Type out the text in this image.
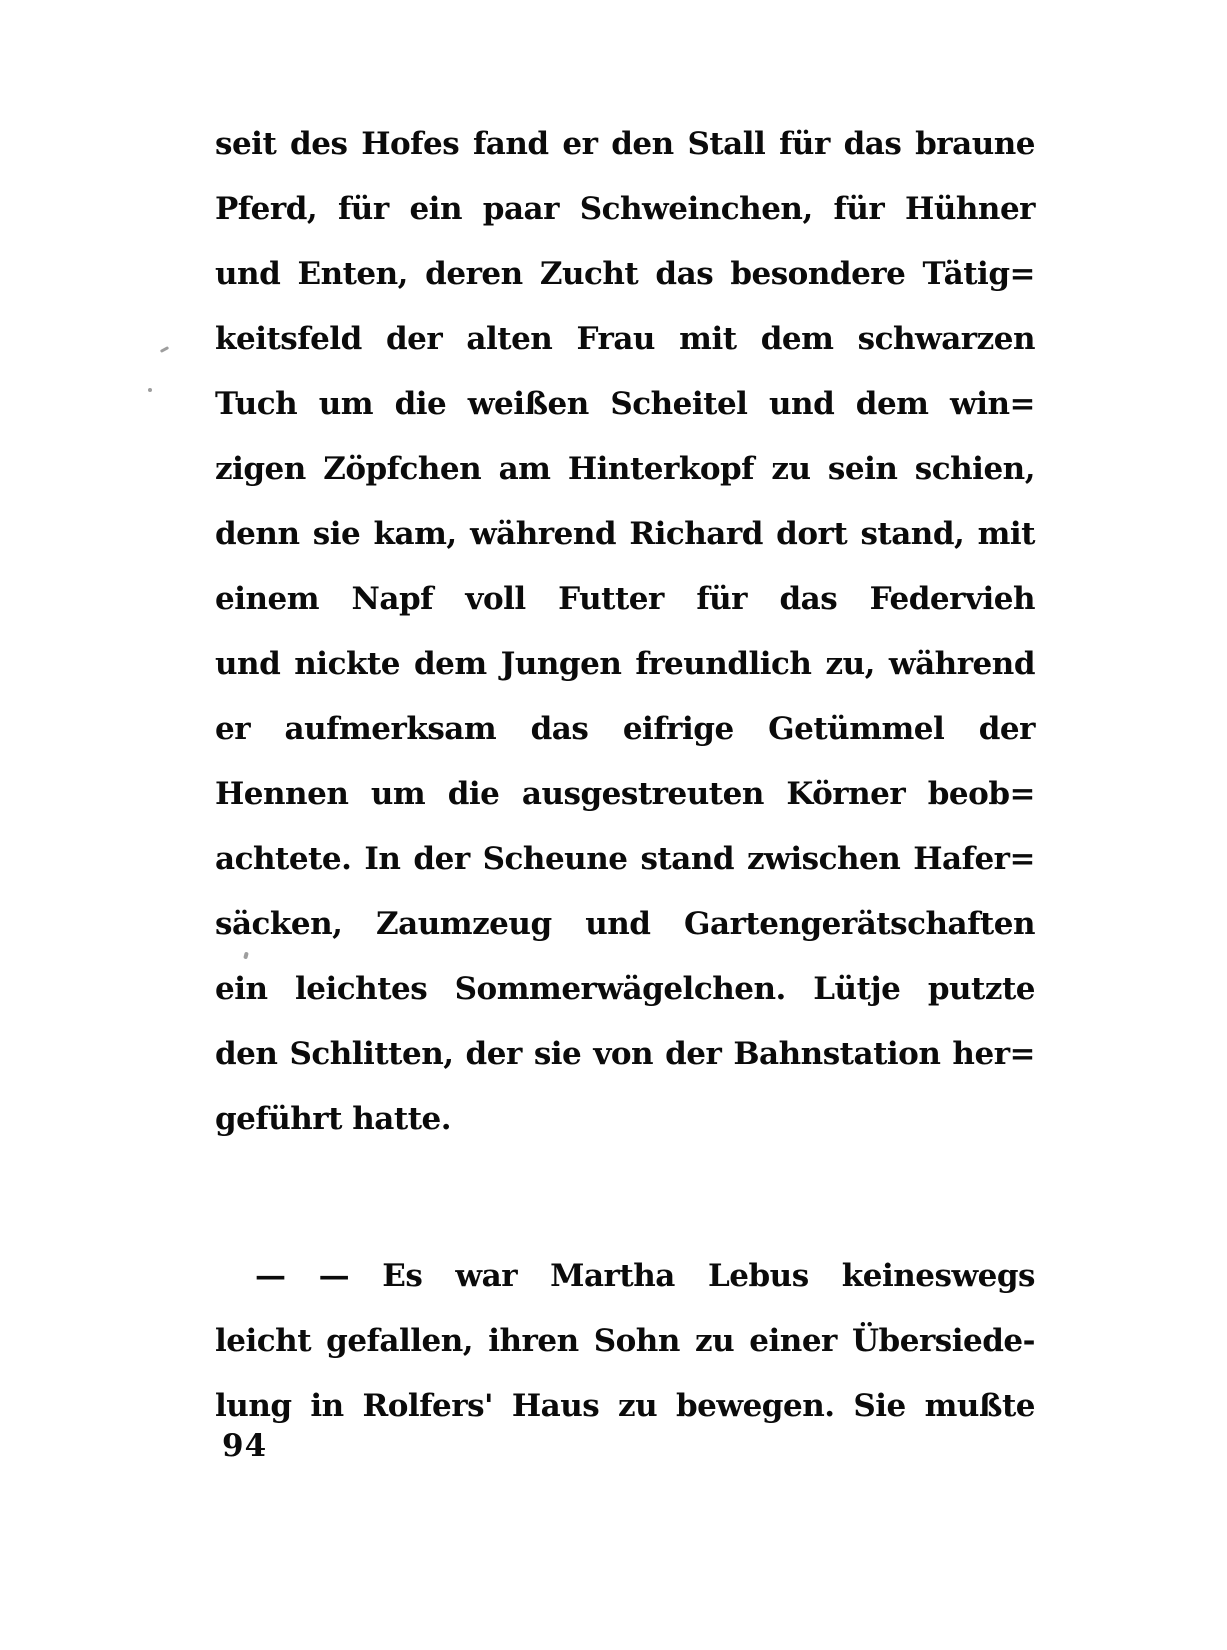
seit des Hofes fand er den Stall für das braune
Pferd, für ein paar Schweinchen, für Hühner
und Enten, deren Zucht das besondere Tätig=
keitsfeld der alten Frau mit dem schwarzen
Tuch um die weißen Scheitel und dem win=
zigen Zöpfchen am Hinterkopf zu sein schien,
denn sie kam, während Richard dort stand, mit
einem Napf voll Futter für das Federvieh
und nickte dem Jungen freundlich zu, während
er aufmerksam das eifrige Getümmel der
Hennen um die ausgestreuten Körner beob=
achtete. In der Scheune stand zwischen Hafer=
säcken, Zaumzeug und Gartengerätschaften
ein leichtes Sommerwägelchen. Lütje putzte
den Schlitten, der sie von der Bahnstation her=
geführt hatte.
— — Es war Martha Lebus keineswegs
leicht gefallen, ihren Sohn zu einer Übersiede-
lung in Rolfers' Haus zu bewegen. Sie mußte
94
